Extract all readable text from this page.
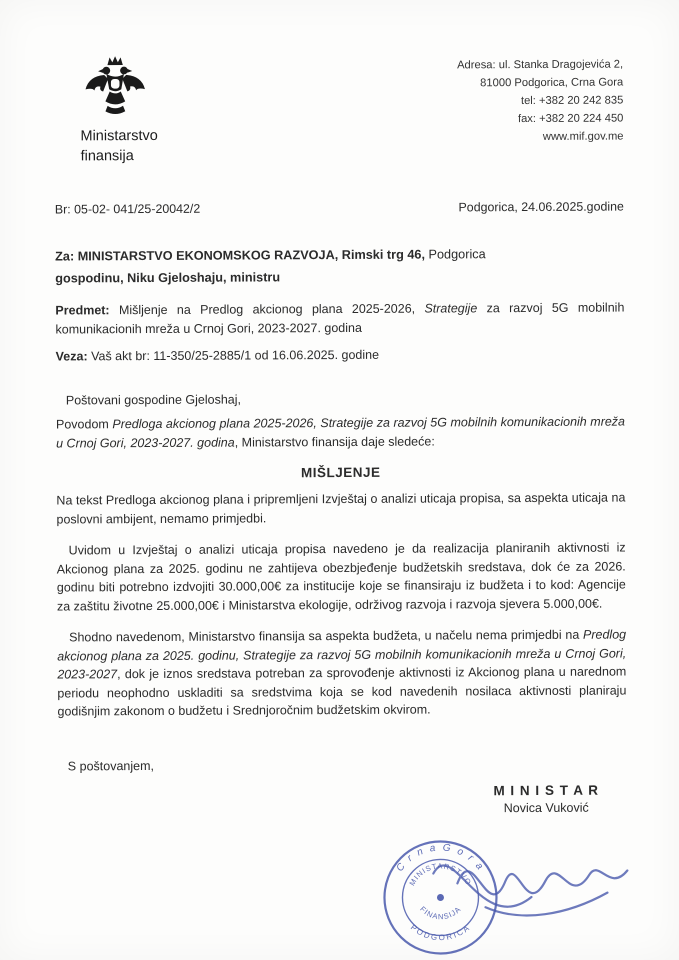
Ministarstvo
finansija
Adresa: ul. Stanka Dragojevića 2,
81000 Podgorica, Crna Gora
tel: +382 20 242 835
fax: +382 20 224 450
www.mif.gov.me
Br: 05-02- 041/25-20042/2	Podgorica, 24.06.2025.godine
Za: MINISTARSTVO EKONOMSKOG RAZVOJA, Rimski trg 46, Podgorica
gospodinu, Niku Gjeloshaju, ministru
Predmet: Mišljenje na Predlog akcionog plana 2025-2026, Strategije za razvoj 5G mobilnih komunikacionih mreža u Crnoj Gori, 2023-2027. godina
Veza: Vaš akt br: 11-350/25-2885/1 od 16.06.2025. godine
Poštovani gospodine Gjeloshaj,
Povodom Predloga akcionog plana 2025-2026, Strategije za razvoj 5G mobilnih komunikacionih mreža u Crnoj Gori, 2023-2027. godina, Ministarstvo finansija daje sledeće:
MIŠLJENJE

Na tekst Predloga akcionog plana i pripremljeni Izvještaj o analizi uticaja propisa, sa aspekta uticaja na poslovni ambijent, nemamo primjedbi.

Uvidom u Izvještaj o analizi uticaja propisa navedeno je da realizacija planiranih aktivnosti iz Akcionog plana za 2025. godinu ne zahtijeva obezbjeđenje budžetskih sredstava, dok će za 2026. godinu biti potrebno izdvojiti 30.000,00€ za institucije koje se finansiraju iz budžeta i to kod: Agencije za zaštitu životne 25.000,00€ i Ministarstva ekologije, održivog razvoja i razvoja sjevera 5.000,00€.

Shodno navedenom, Ministarstvo finansija sa aspekta budžeta, u načelu nema primjedbi na Predlog akcionog plana za 2025. godinu, Strategije za razvoj 5G mobilnih komunikacionih mreža u Crnoj Gori, 2023-2027, dok je iznos sredstava potreban za sprovođenje aktivnosti iz Akcionog plana u narednom periodu neophodno uskladiti sa sredstvima koja se kod navedenih nosilaca aktivnosti planiraju godišnjim zakonom o budžetu i Srednjoročnim budžetskim okvirom.

S poštovanjem,
M I N I S T A R
Novica Vuković
C r n a G o r a
MINISTARSTVO
FINANSIJA
PODGORICA
